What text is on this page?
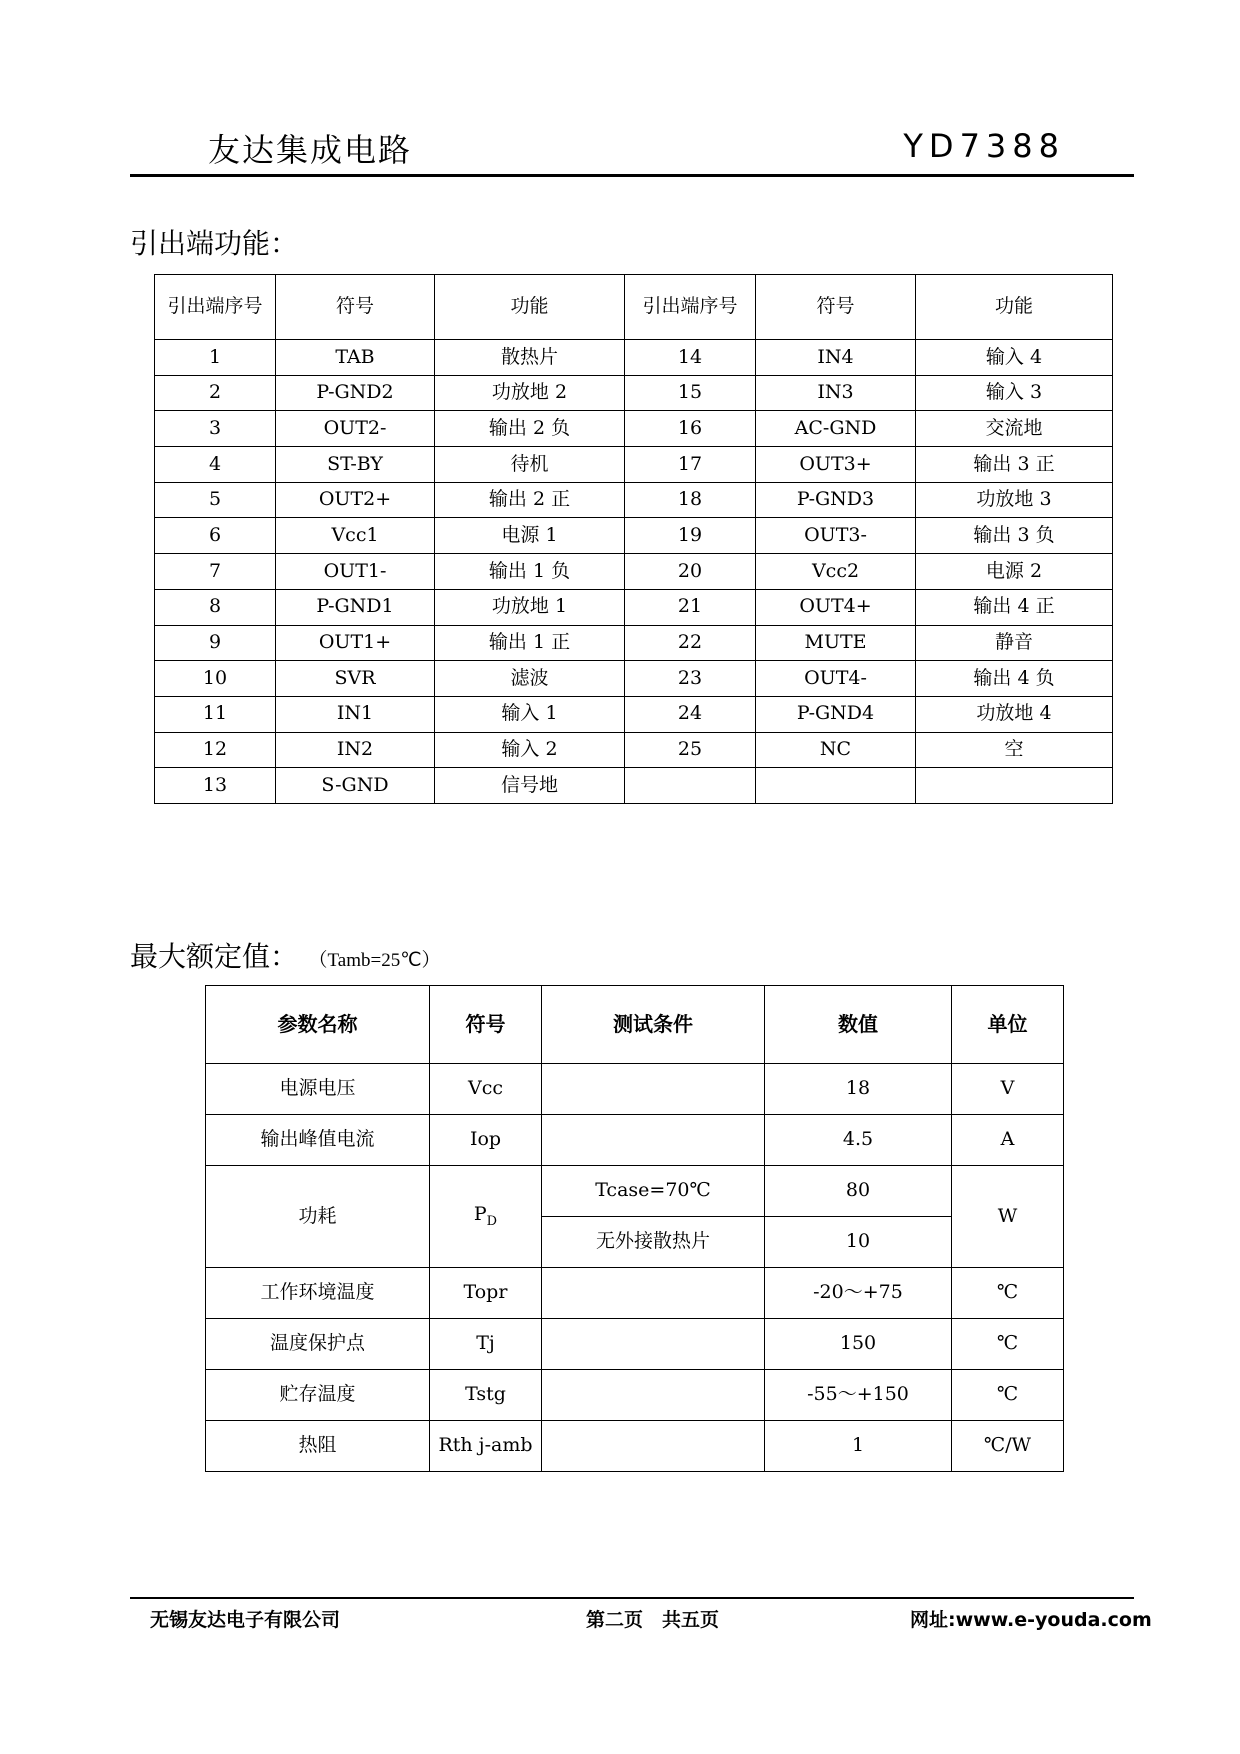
友达集成电路	YD7388
引出端功能：
引出端序号	符号	功能	引出端序号	符号	功能
1	TAB	散热片	14	IN4	输入 4
2	P-GND2	功放地 2	15	IN3	输入 3
3	OUT2-	输出 2 负	16	AC-GND	交流地
4	ST-BY	待机	17	OUT3+	输出 3 正
5	OUT2+	输出 2 正	18	P-GND3	功放地 3
6	Vcc1	电源 1	19	OUT3-	输出 3 负
7	OUT1-	输出 1 负	20	Vcc2	电源 2
8	P-GND1	功放地 1	21	OUT4+	输出 4 正
9	OUT1+	输出 1 正	22	MUTE	静音
10	SVR	滤波	23	OUT4-	输出 4 负
11	IN1	输入 1	24	P-GND4	功放地 4
12	IN2	输入 2	25	NC	空
13	S-GND	信号地			
最大额定值： （Tamb=25℃）
参数名称	符号	测试条件	数值	单位
电源电压	Vcc		18	V
输出峰值电流	Iop		4.5	A
功耗	$P_D$	Tcase=70℃	80	W
		无外接散热片	10	
工作环境温度	Topr		-20～+75	℃
温度保护点	Tj		150	℃
贮存温度	Tstg		-55～+150	℃
热阻	Rth j-amb		1	℃/W
无锡友达电子有限公司	第二页　共五页	网址:www.e-youda.com
